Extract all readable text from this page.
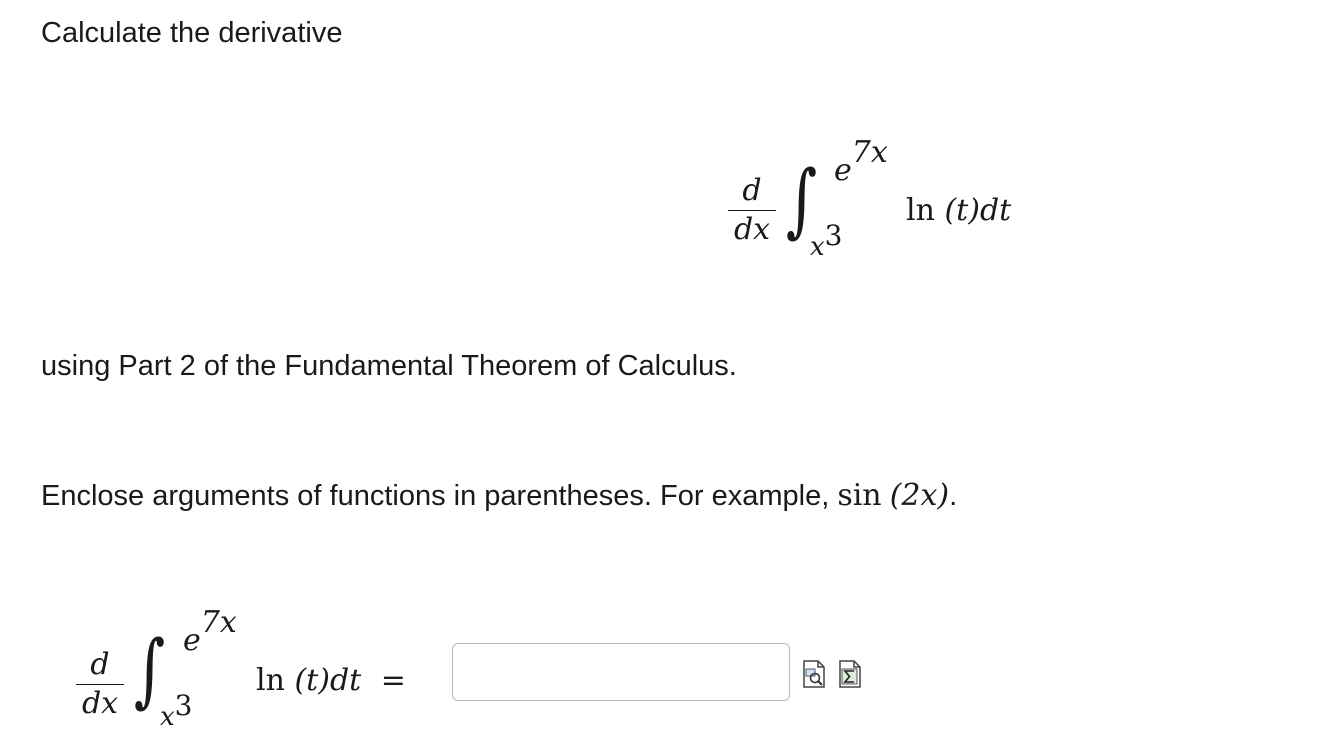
Calculate the derivative
d
dx ∫ e7x
x3
ln (t)dt
using Part 2 of the Fundamental Theorem of Calculus.
Enclose arguments of functions in parentheses. For example, sin (2x).
d
dx ∫ e7x
x3
ln (t)dt =
